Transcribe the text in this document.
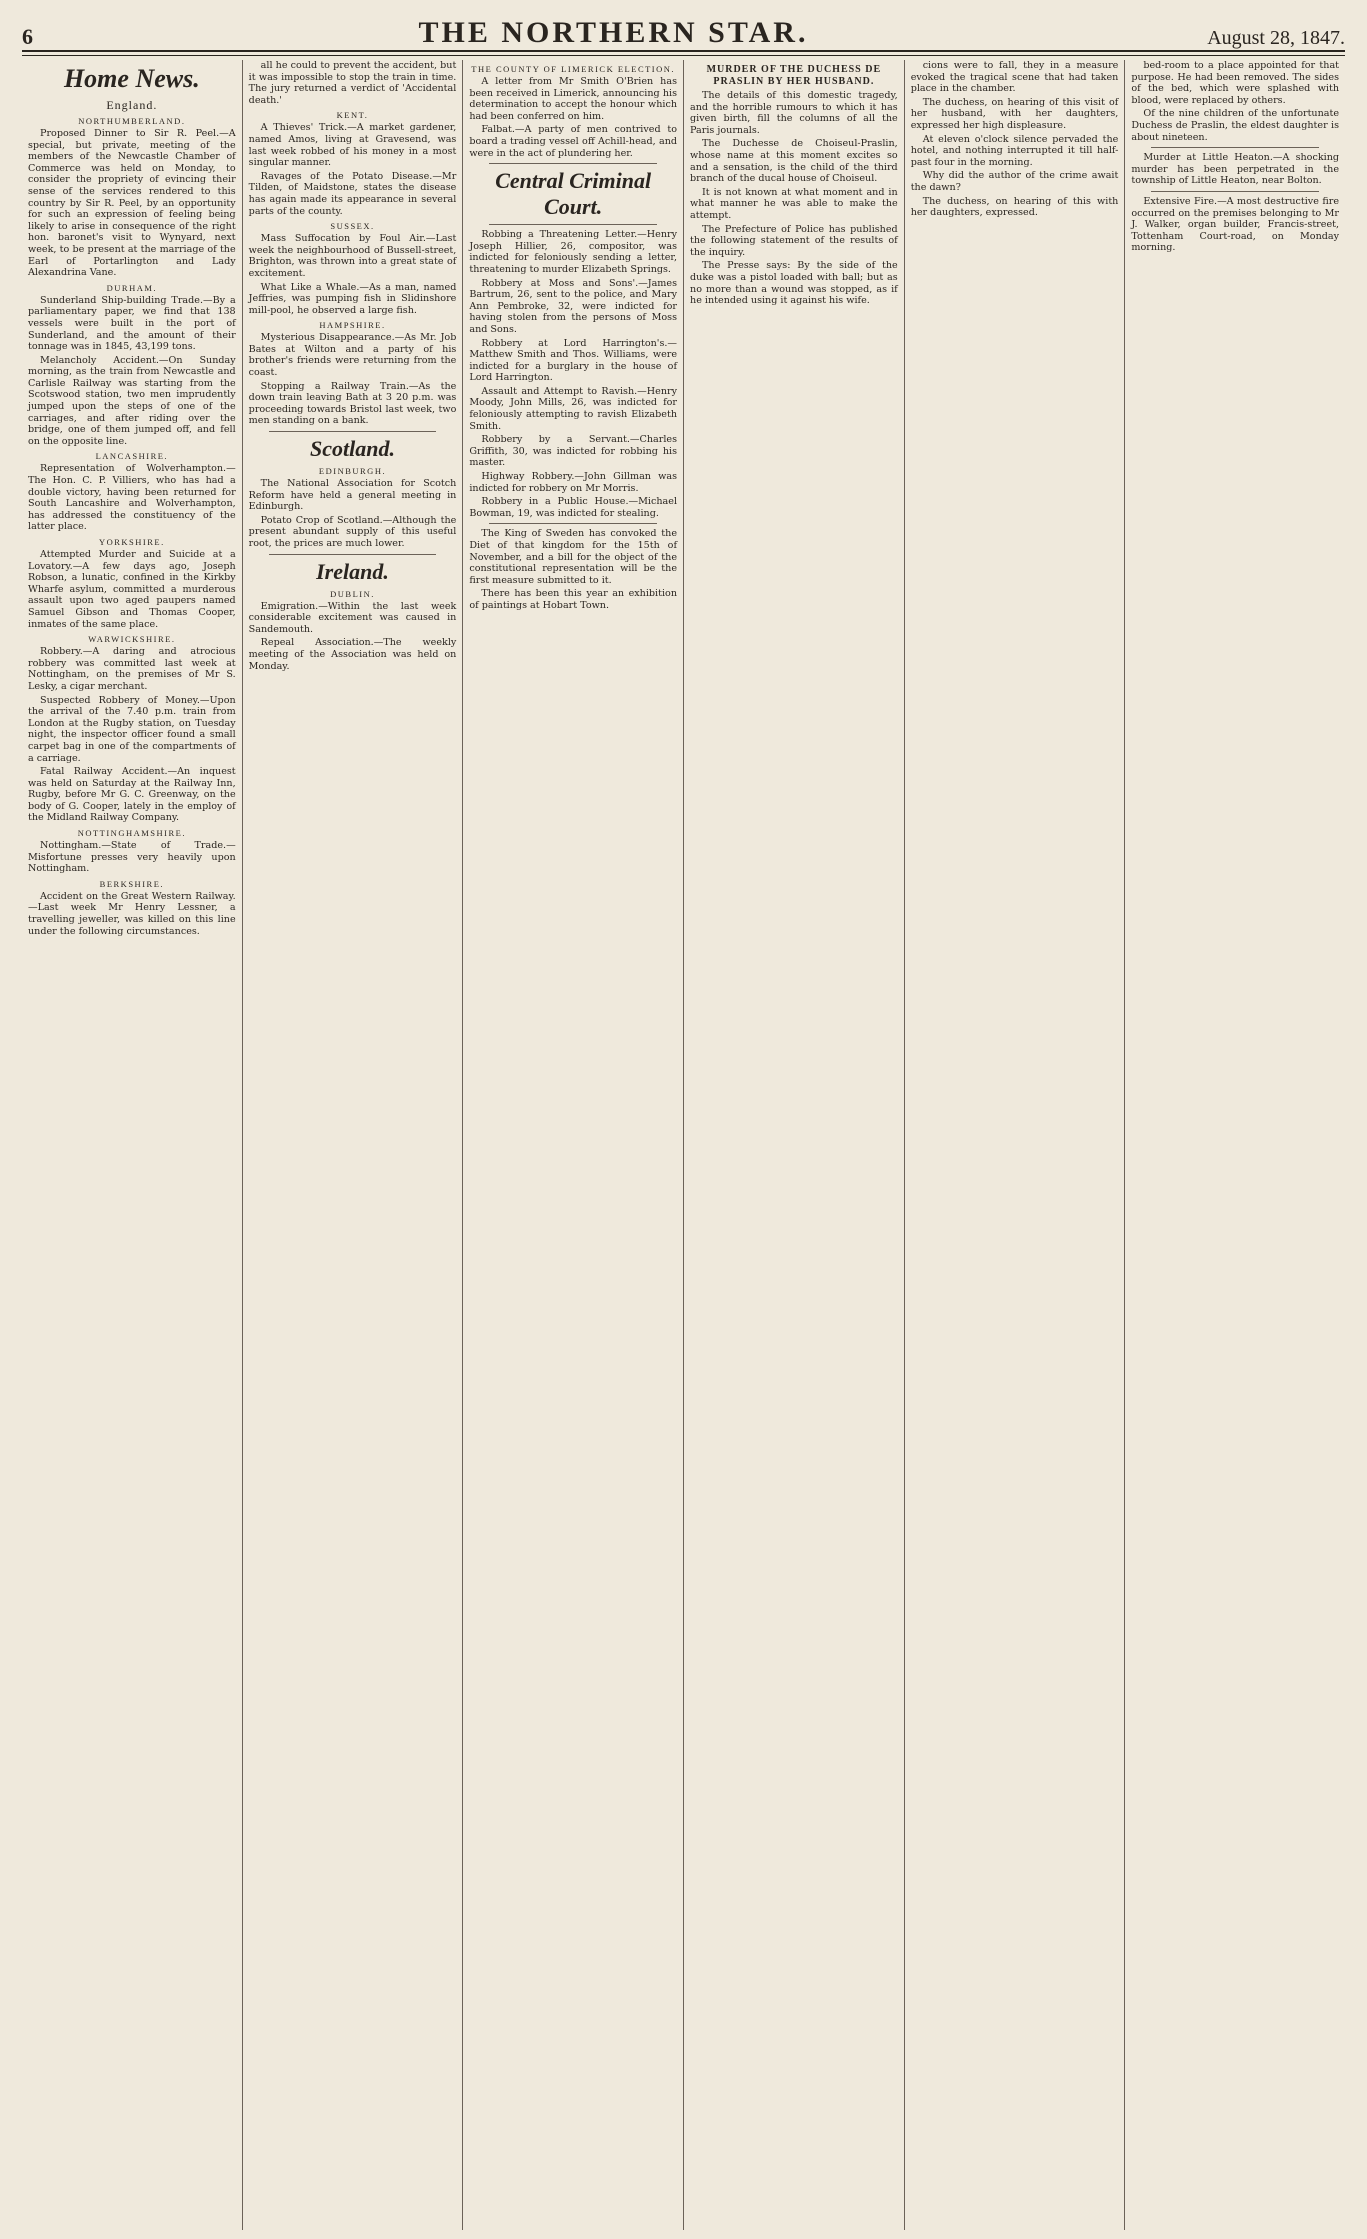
6	THE NORTHERN STAR.	August 28, 1847.
Home News.
England.
NORTHUMBERLAND.

Proposed Dinner to Sir R. Peel.—A special, but private, meeting of the members of the Newcastle Chamber of Commerce was held on Monday, to consider the propriety of evincing their sense of the services rendered to this country by Sir R. Peel, by an opportunity for such an expression of feeling being likely to arise in consequence of the right hon. baronet's visit to Wynyard, next week, to be present at the marriage of the Earl of Portarlington and Lady Alexandrina Vane.

DURHAM.

Sunderland Ship-building Trade.—By a parliamentary paper, we find that 138 vessels were built in the port of Sunderland, and the amount of their tonnage was in 1845, 43,199 tons.

Melancholy Accident.—On Sunday morning, as the train from Newcastle and Carlisle Railway was starting from the Scotswood station, two men imprudently jumped upon the steps of one of the carriages, and after riding over the bridge, one of them jumped off, and fell on the opposite line.

LANCASHIRE.

Representation of Wolverhampton.—The Hon. C. P. Villiers, who has had a double victory, having been returned for South Lancashire and Wolverhampton, has addressed the constituency of the latter place.

YORKSHIRE.

Attempted Murder and Suicide at a Lovatory.—A few days ago, Joseph Robson, a lunatic, confined in the Kirkby Wharfe asylum, committed a murderous assault upon two aged paupers named Samuel Gibson and Thomas Cooper, inmates of the same place.

WARWICKSHIRE.

Robbery.—A daring and atrocious robbery was committed last week at Nottingham, on the premises of Mr S. Lesky, a cigar merchant.

Suspected Robbery of Money.—Upon the arrival of the 7.40 p.m. train from London at the Rugby station, on Tuesday night, the inspector officer found a small carpet bag in one of the compartments of a carriage.

Fatal Railway Accident.—An inquest was held on Saturday at the Railway Inn, Rugby, before Mr G. C. Greenway, on the body of G. Cooper, lately in the employ of the Midland Railway Company.

NOTTINGHAMSHIRE.

Nottingham.—State of Trade.—Misfortune presses very heavily upon Nottingham.

BERKSHIRE.

Accident on the Great Western Railway.—Last week Mr Henry Lessner, a travelling jeweller, was killed on this line under the following circumstances.

all he could to prevent the accident, but it was impossible to stop the train in time. The jury returned a verdict of 'Accidental death.'

KENT.

A Thieves' Trick.—A market gardener, named Amos, living at Gravesend, was last week robbed of his money in a most singular manner.

Ravages of the Potato Disease.—Mr Tilden, of Maidstone, states the disease has again made its appearance in several parts of the county.

SUSSEX.

Mass Suffocation by Foul Air.—Last week the neighbourhood of Bussell-street, Brighton, was thrown into a great state of excitement.

What Like a Whale.—As a man, named Jeffries, was pumping fish in Slidinshore mill-pool, he observed a large fish.

HAMPSHIRE.

Mysterious Disappearance.—As Mr. Job Bates at Wilton and a party of his brother's friends were returning from the coast.

Stopping a Railway Train.—As the down train leaving Bath at 3 20 p.m. was proceeding towards Bristol last week, two men standing on a bank.

Scotland.
EDINBURGH.

The National Association for Scotch Reform have held a general meeting in Edinburgh.

Potato Crop of Scotland.—Although the present abundant supply of this useful root, the prices are much lower.

Ireland.
DUBLIN.

Emigration.—Within the last week considerable excitement was caused in Sandemouth.

Repeal Association.—The weekly meeting of the Association was held on Monday.

THE COUNTY OF LIMERICK ELECTION.

A letter from Mr Smith O'Brien has been received in Limerick, announcing his determination to accept the honour which had been conferred on him.

Falbat.—A party of men contrived to board a trading vessel off Achill-head, and were in the act of plundering her.

Central Criminal Court.

Robbing a Threatening Letter.—Henry Joseph Hillier, 26, compositor, was indicted for feloniously sending a letter, threatening to murder Elizabeth Springs.

Robbery at Moss and Sons'.—James Bartrum, 26, sent to the police, and Mary Ann Pembroke, 32, were indicted for having stolen from the persons of Moss and Sons.

Robbery at Lord Harrington's.—Matthew Smith and Thos. Williams, were indicted for a burglary in the house of Lord Harrington.

Assault and Attempt to Ravish.—Henry Moody, John Mills, 26, was indicted for feloniously attempting to ravish Elizabeth Smith.

Robbery by a Servant.—Charles Griffith, 30, was indicted for robbing his master.

Highway Robbery.—John Gillman was indicted for robbery on Mr Morris.

Robbery in a Public House.—Michael Bowman, 19, was indicted for stealing.

The King of Sweden has convoked the Diet of that kingdom for the 15th of November, and a bill for the object of the constitutional representation will be the first measure submitted to it.

There has been this year an exhibition of paintings at Hobart Town.

MURDER OF THE DUCHESS DE PRASLIN BY HER HUSBAND.

The details of this domestic tragedy, and the horrible rumours to which it has given birth, fill the columns of all the Paris journals.

The Duchesse de Choiseul-Praslin, whose name at this moment excites so and a sensation, is the child of the third branch of the ducal house of Choiseul.

It is not known at what moment and in what manner he was able to make the attempt.

The Prefecture of Police has published the following statement of the results of the inquiry.

The Presse says: By the side of the duke was a pistol loaded with ball; but as no more than a wound was stopped, as if he intended using it against his wife.

cions were to fall, they in a measure evoked the tragical scene that had taken place in the chamber.

The duchess, on hearing of this visit of her husband, with her daughters, expressed her high displeasure.

At eleven o'clock silence pervaded the hotel, and nothing interrupted it till half-past four in the morning.

Why did the author of the crime await the dawn?

The duchess, on hearing of this with her daughters, expressed.

bed-room to a place appointed for that purpose. He had been removed. The sides of the bed, which were splashed with blood, were replaced by others.

Of the nine children of the unfortunate Duchess de Praslin, the eldest daughter is about nineteen.

Murder at Little Heaton.—A shocking murder has been perpetrated in the township of Little Heaton, near Bolton.

Extensive Fire.—A most destructive fire occurred on the premises belonging to Mr J. Walker, organ builder, Francis-street, Tottenham Court-road, on Monday morning.
